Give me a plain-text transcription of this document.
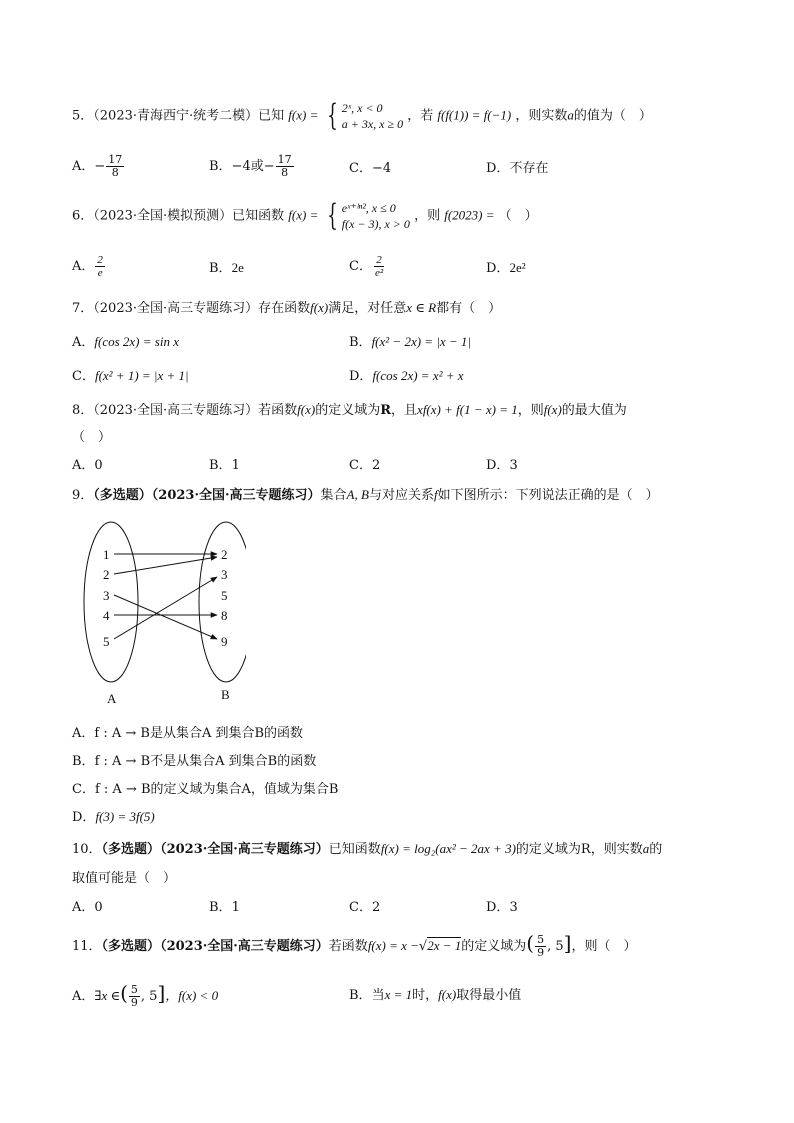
5．（2023·青海西宁·统考二模）已知 f(x) = { 2ˣ, x < 0
a + 3x, x ≥ 0
，若 f(f(1)) = f(−1) ，则实数a的值为（　）
A．− $\frac{17}{8}$	B．−4或− $\frac{17}{8}$	C．−4	D．不存在
6．（2023·全国·模拟预测）已知函数 f(x) = { eˣ⁺ˡⁿ², x ≤ 0
f(x − 3), x > 0
，则 f(2023) = （　）
A． $\frac{2}{e}$	B．2e	C． $\frac{2}{\text{e²}}$	D．2e²
7．（2023·全国·高三专题练习）存在函数f(x)满足，对任意x ∈ R都有（　）
A．f(cos 2x) = sin x	B．f(x² − 2x) = |x − 1|
C．f(x² + 1) = |x + 1|	D．f(cos 2x) = x² + x
8．（2023·全国·高三专题练习）若函数f(x)的定义域为R，且xf(x) + f(1 − x) = 1，则f(x)的最大值为
（　）
A．0	B．1	C．2	D．3
9．（多选题）（2023·全国·高三专题练习）集合A, B与对应关系f如下图所示：下列说法正确的是（　）
1
2
3
4
5
2
3
5
8
9
A	B
A．f : A → B是从集合A 到集合B的函数
B．f : A → B不是从集合A 到集合B的函数
C．f : A → B的定义域为集合A，值域为集合B
D．f(3) = 3f(5)
10．（多选题）（2023·全国·高三专题练习）已知函数f(x) = log₂(ax² − 2ax + 3)的定义域为R，则实数a的
取值可能是（　）
A．0	B．1	C．2	D．3
11．（多选题）（2023·全国·高三专题练习）若函数f(x) = x −√2x − 1的定义域为( $\frac{5}{9}$ , 5]，则（　）
A．∃x ∈( $\frac{5}{9}$ , 5]，f(x) < 0	B．当x = 1时，f(x)取得最小值
